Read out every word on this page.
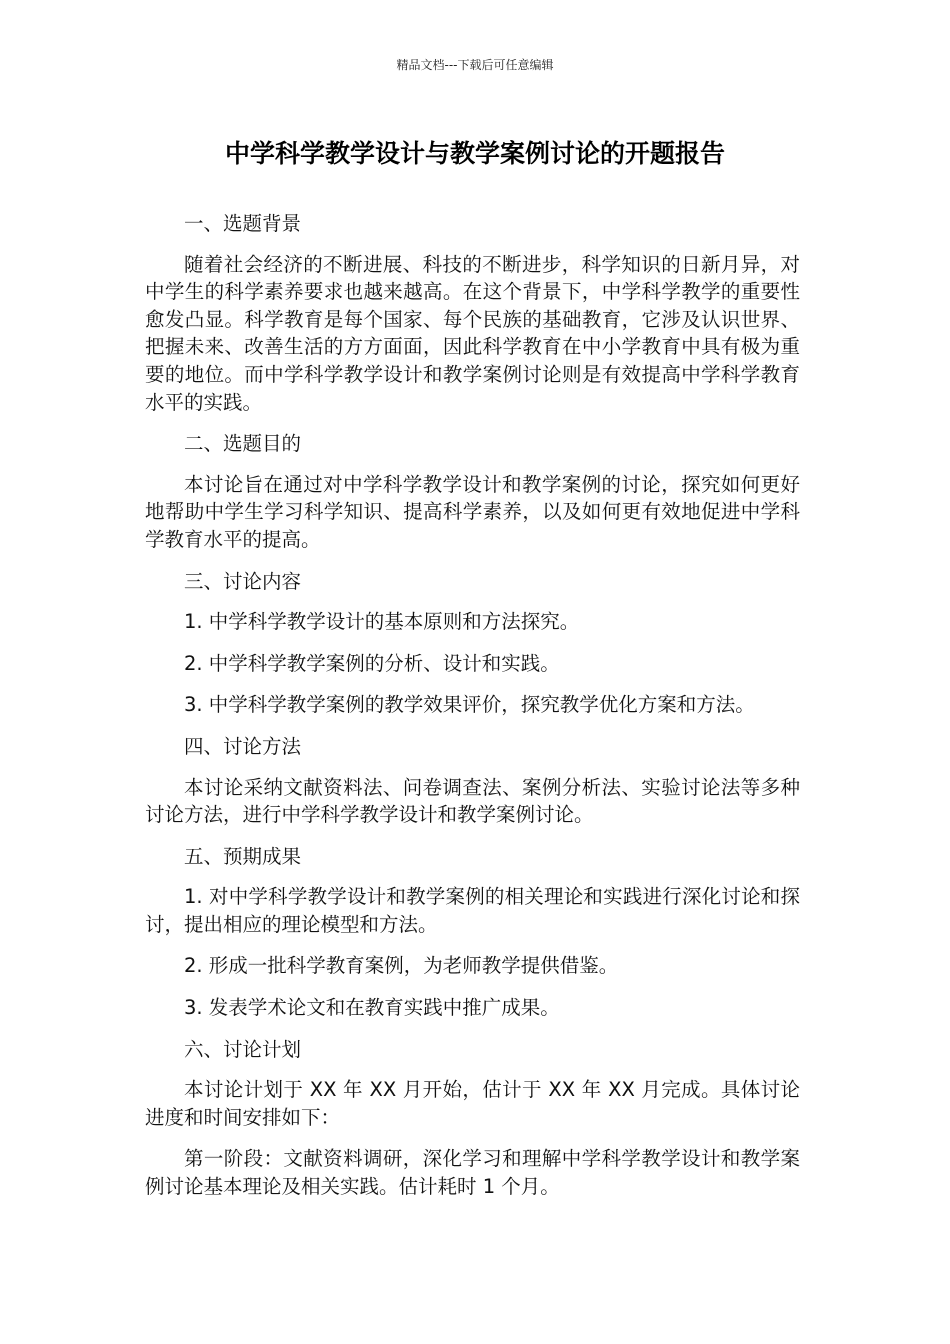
精品文档---下载后可任意编辑
中学科学教学设计与教学案例讨论的开题报告

一、选题背景

随着社会经济的不断进展、科技的不断进步，科学知识的日新月异，对中学生的科学素养要求也越来越高。在这个背景下，中学科学教学的重要性愈发凸显。科学教育是每个国家、每个民族的基础教育，它涉及认识世界、把握未来、改善生活的方方面面，因此科学教育在中小学教育中具有极为重要的地位。而中学科学教学设计和教学案例讨论则是有效提高中学科学教育水平的实践。

二、选题目的

本讨论旨在通过对中学科学教学设计和教学案例的讨论，探究如何更好地帮助中学生学习科学知识、提高科学素养，以及如何更有效地促进中学科学教育水平的提高。

三、讨论内容

1. 中学科学教学设计的基本原则和方法探究。

2. 中学科学教学案例的分析、设计和实践。

3. 中学科学教学案例的教学效果评价，探究教学优化方案和方法。

四、讨论方法

本讨论采纳文献资料法、问卷调查法、案例分析法、实验讨论法等多种讨论方法，进行中学科学教学设计和教学案例讨论。

五、预期成果

1. 对中学科学教学设计和教学案例的相关理论和实践进行深化讨论和探讨，提出相应的理论模型和方法。

2. 形成一批科学教育案例，为老师教学提供借鉴。

3. 发表学术论文和在教育实践中推广成果。

六、讨论计划

本讨论计划于 XX 年 XX 月开始，估计于 XX 年 XX 月完成。具体讨论进度和时间安排如下：

第一阶段：文献资料调研，深化学习和理解中学科学教学设计和教学案例讨论基本理论及相关实践。估计耗时 1 个月。
